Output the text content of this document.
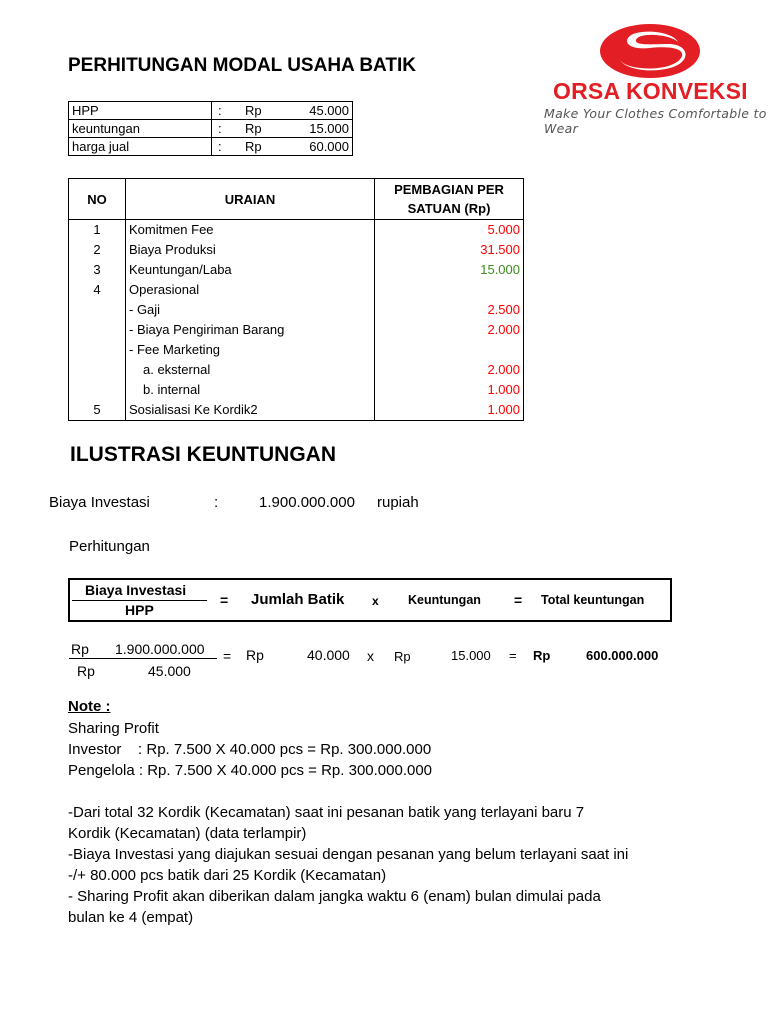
PERHITUNGAN MODAL USAHA BATIK
ORSA KONVEKSI
Make Your Clothes Comfortable to Wear
HPP	:	Rp	45.000
keuntungan	:	Rp	15.000
harga jual	:	Rp	60.000
NO	URAIAN	PEMBAGIAN PER
SATUAN (Rp)
1	Komitmen Fee	5.000
2	Biaya Produksi	31.500
3	Keuntungan/Laba	15.000
4	Operasional	
	- Gaji	2.500
	- Biaya Pengiriman Barang	2.000
	- Fee Marketing	
	a. eksternal	2.000
	b. internal	1.000
5	Sosialisasi Ke Kordik2	1.000
ILUSTRASI KEUNTUNGAN
Biaya Investasi	:	1.900.000.000 rupiah
Perhitungan
Biaya Investasi
HPP
= Jumlah Batik x Keuntungan = Total keuntungan
Rp 1.900.000.000
Rp	45.000
= Rp	40.000 x Rp	15.000 = Rp	600.000.000
Note :
Sharing Profit
Investor    : Rp. 7.500 X 40.000 pcs = Rp. 300.000.000
Pengelola : Rp. 7.500 X 40.000 pcs = Rp. 300.000.000
-Dari total 32 Kordik (Kecamatan) saat ini pesanan batik yang terlayani baru 7
Kordik (Kecamatan) (data terlampir)
-Biaya Investasi yang diajukan sesuai dengan pesanan yang belum terlayani saat ini
-/+ 80.000 pcs batik dari 25 Kordik (Kecamatan)
- Sharing Profit akan diberikan dalam jangka waktu 6 (enam) bulan dimulai pada
bulan ke 4 (empat)
